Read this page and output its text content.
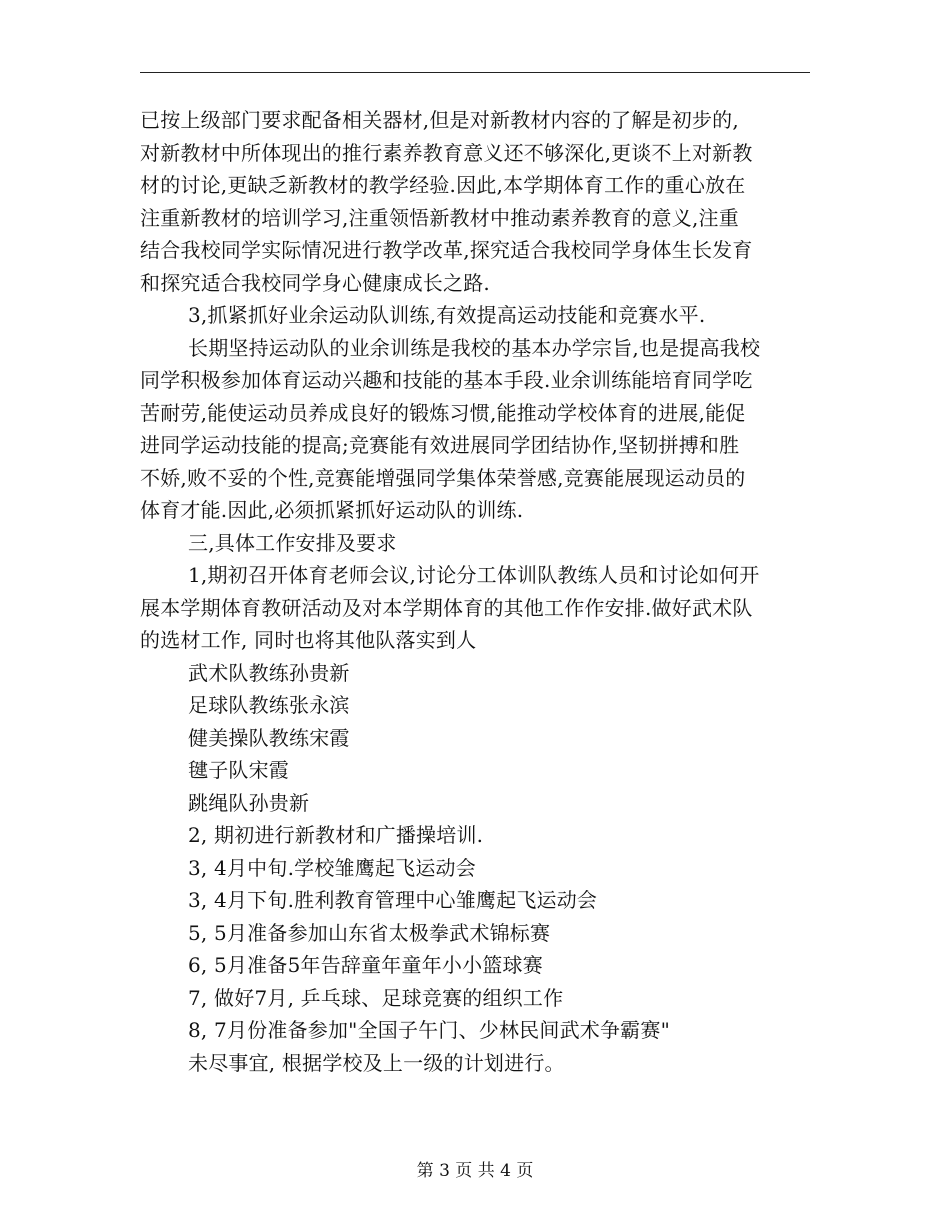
已按上级部门要求配备相关器材,但是对新教材内容的了解是初步的,
对新教材中所体现出的推行素养教育意义还不够深化,更谈不上对新教
材的讨论,更缺乏新教材的教学经验.因此,本学期体育工作的重心放在
注重新教材的培训学习,注重领悟新教材中推动素养教育的意义,注重
结合我校同学实际情况进行教学改革,探究适合我校同学身体生长发育
和探究适合我校同学身心健康成长之路.
3,抓紧抓好业余运动队训练,有效提高运动技能和竞赛水平.
长期坚持运动队的业余训练是我校的基本办学宗旨,也是提高我校
同学积极参加体育运动兴趣和技能的基本手段.业余训练能培育同学吃
苦耐劳,能使运动员养成良好的锻炼习惯,能推动学校体育的进展,能促
进同学运动技能的提高;竞赛能有效进展同学团结协作,坚韧拼搏和胜
不娇,败不妥的个性,竞赛能增强同学集体荣誉感,竞赛能展现运动员的
体育才能.因此,必须抓紧抓好运动队的训练.
三,具体工作安排及要求
1,期初召开体育老师会议,讨论分工体训队教练人员和讨论如何开
展本学期体育教研活动及对本学期体育的其他工作作安排.做好武术队
的选材工作, 同时也将其他队落实到人
武术队教练孙贵新
足球队教练张永滨
健美操队教练宋霞
毽子队宋霞
跳绳队孙贵新
2, 期初进行新教材和广播操培训.
3, 4月中旬.学校雏鹰起飞运动会
3, 4月下旬.胜利教育管理中心雏鹰起飞运动会
5, 5月准备参加山东省太极拳武术锦标赛
6, 5月准备5年告辞童年童年小小篮球赛
7, 做好7月, 乒乓球、足球竞赛的组织工作
8, 7月份准备参加"全国子午门、少林民间武术争霸赛"
未尽事宜, 根据学校及上一级的计划进行。
第 3 页 共 4 页
